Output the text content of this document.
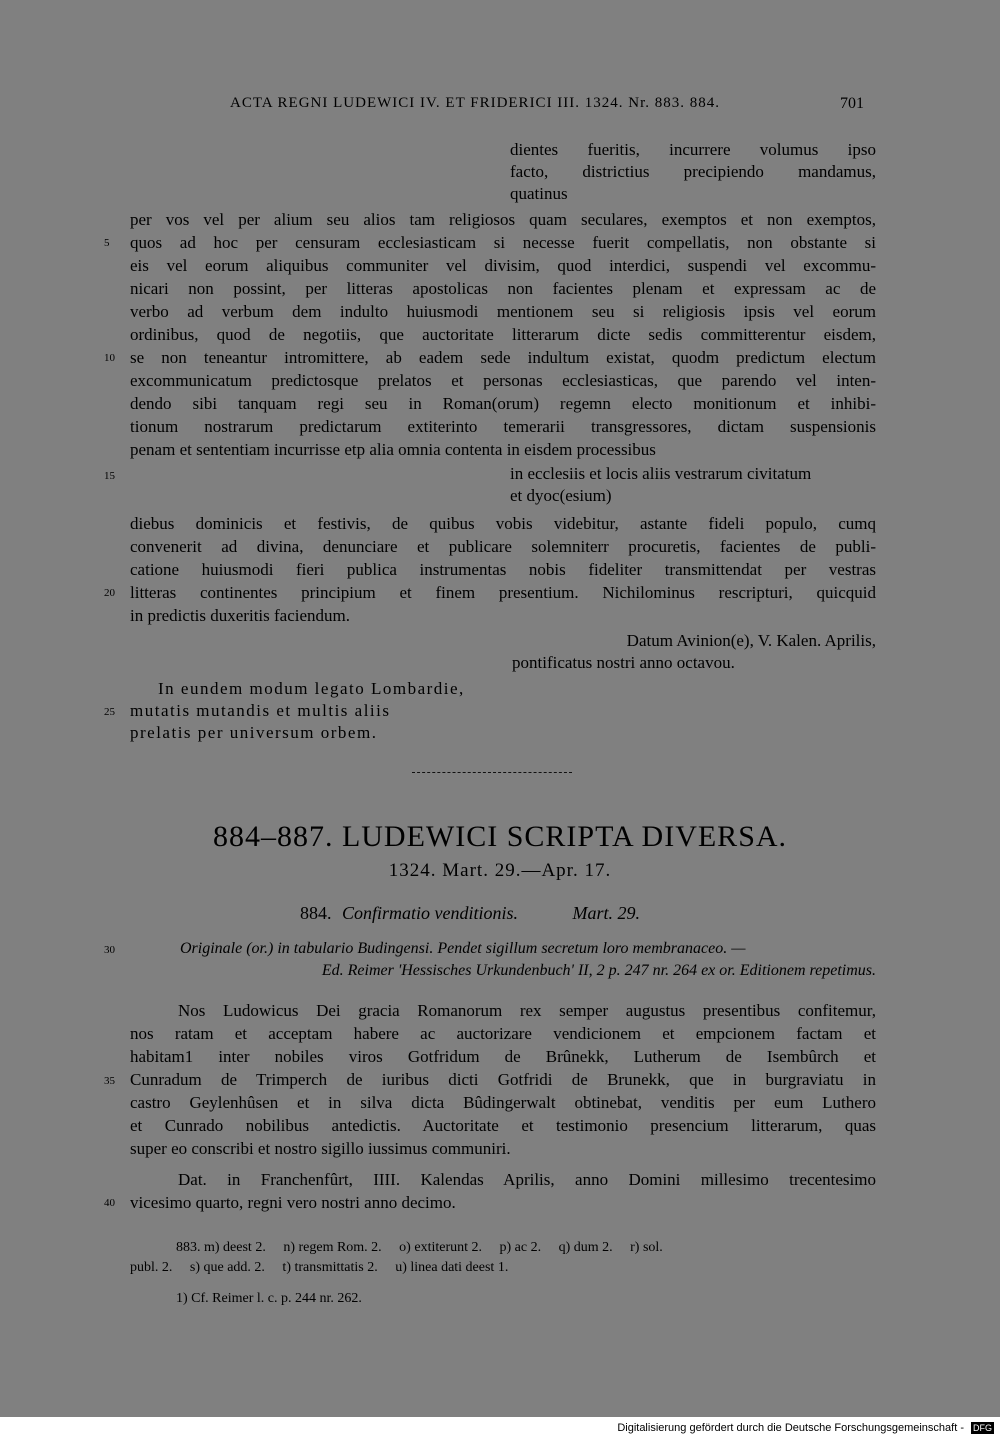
ACTA REGNI LUDEWICI IV. ET FRIDERICI III. 1324. Nr. 883. 884.	701
dientes fueritis, incurrere volumus ipso
facto, districtius precipiendo mandamus,
quatinus
per vos vel per alium seu alios tam religiosos quam seculares, exemptos et non exemptos,
quos ad hoc per censuram ecclesiasticam si necesse fuerit compellatis, non obstante si
eis vel eorum aliquibus communiter vel divisim, quod interdici, suspendi vel excommu-
nicari non possint, per litteras apostolicas non facientes plenam et expressam ac de
verbo ad verbum dem indulto huiusmodi mentionem seu si religiosis ipsis vel eorum
ordinibus, quod de negotiis, que auctoritate litterarum dicte sedis committerentur eisdem,
se non teneantur intromittere, ab eadem sede indultum existat, quodm predictum electum
excommunicatum predictosque prelatos et personas ecclesiasticas, que parendo vel inten-
dendo sibi tanquam regi seu in Roman(orum) regemn electo monitionum et inhibi-
tionum nostrarum predictarum extiterinto temerarii transgressores, dictam suspensionis
penam et sententiam incurrisse etp alia omnia contenta in eisdem processibus
in ecclesiis et locis aliis vestrarum civitatum
et dyoc(esium)
diebus dominicis et festivis, de quibus vobis videbitur, astante fideli populo, cumq
convenerit ad divina, denunciare et publicare solemniterr procuretis, facientes de publi-
catione huiusmodi fieri publica instrumentas nobis fideliter transmittendat per vestras
litteras continentes principium et finem presentium. Nichilominus rescripturi, quicquid
in predictis duxeritis faciendum.
Datum Avinion(e), V. Kalen. Aprilis,
pontificatus nostri anno octavou.
In eundem modum legato Lombardie,
mutatis mutandis et multis aliis
prelatis per universum orbem.
884–887. LUDEWICI SCRIPTA DIVERSA.
1324. Mart. 29.—Apr. 17.
884. Confirmatio venditionis.	Mart. 29.
Originale (or.) in tabulario Budingensi. Pendet sigillum secretum loro membranaceo. —
Ed. Reimer 'Hessisches Urkundenbuch' II, 2 p. 247 nr. 264 ex or. Editionem repetimus.
Nos Ludowicus Dei gracia Romanorum rex semper augustus presentibus confitemur,
nos ratam et acceptam habere ac auctorizare vendicionem et empcionem factam et
habitam1 inter nobiles viros Gotfridum de Brûnekk, Lutherum de Isembûrch et
Cunradum de Trimperch de iuribus dicti Gotfridi de Brunekk, que in burgraviatu in
castro Geylenhûsen et in silva dicta Bûdingerwalt obtinebat, venditis per eum Luthero
et Cunrado nobilibus antedictis. Auctoritate et testimonio presencium litterarum, quas
super eo conscribi et nostro sigillo iussimus communiri.
Dat. in Franchenfûrt, IIII. Kalendas Aprilis, anno Domini millesimo trecentesimo
vicesimo quarto, regni vero nostri anno decimo.
883. m) deest 2.     n) regem Rom. 2.     o) extiterunt 2.     p) ac 2.     q) dum 2.     r) sol.
publ. 2.     s) que add. 2.     t) transmittatis 2.     u) linea dati deest 1.
1) Cf. Reimer l. c. p. 244 nr. 262.
5
10
15
20
25
30
35
40
Digitalisierung gefördert durch die Deutsche Forschungsgemeinschaft - DFG
